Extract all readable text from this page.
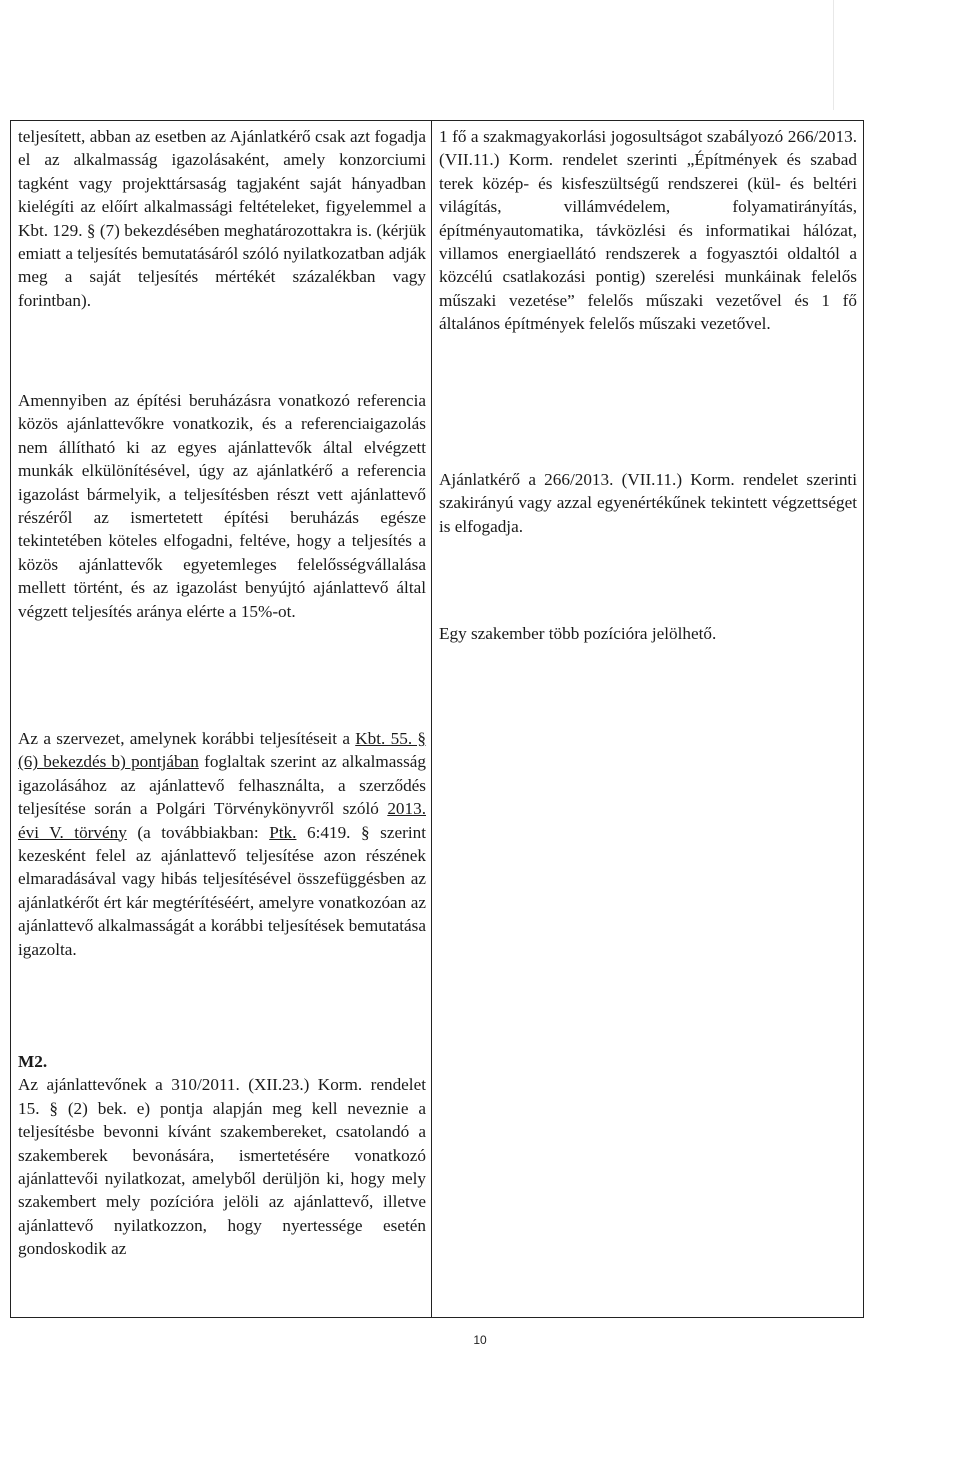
teljesített, abban az esetben az Ajánlatkérő csak azt fogadja el az alkalmasság igazolásaként, amely konzorciumi tagként vagy projekttársaság tagjaként saját hányadban kielégíti az előírt alkalmassági feltételeket, figyelemmel a Kbt. 129. § (7) bekezdésében meghatározottakra is. (kérjük emiatt a teljesítés bemutatásáról szóló nyilatkozatban adják meg a saját teljesítés mértékét százalékban vagy forintban).

Amennyiben az építési beruházásra vonatkozó referencia közös ajánlattevőkre vonatkozik, és a referenciaigazolás nem állítható ki az egyes ajánlattevők által elvégzett munkák elkülönítésével, úgy az ajánlatkérő a referencia igazolást bármelyik, a teljesítésben részt vett ajánlattevő részéről az ismertetett építési beruházás egésze tekintetében köteles elfogadni, feltéve, hogy a teljesítés a közös ajánlattevők egyetemleges felelősségvállalása mellett történt, és az igazolást benyújtó ajánlattevő által végzett teljesítés aránya elérte a 15%-ot.

Az a szervezet, amelynek korábbi teljesítéseit a Kbt. 55. § (6) bekezdés b) pontjában foglaltak szerint az alkalmasság igazolásához az ajánlattevő felhasználta, a szerződés teljesítése során a Polgári Törvénykönyvről szóló 2013. évi V. törvény (a továbbiakban: Ptk. 6:419. § szerint kezesként felel az ajánlattevő teljesítése azon részének elmaradásával vagy hibás teljesítésével összefüggésben az ajánlatkérőt ért kár megtérítéséért, amelyre vonatkozóan az ajánlattevő alkalmasságát a korábbi teljesítések bemutatása igazolta.

M2.

Az ajánlattevőnek a 310/2011. (XII.23.) Korm. rendelet 15. § (2) bek. e) pontja alapján meg kell neveznie a teljesítésbe bevonni kívánt szakembereket, csatolandó a szakemberek bevonására, ismertetésére vonatkozó ajánlattevői nyilatkozat, amelyből derüljön ki, hogy mely szakembert mely pozícióra jelöli az ajánlattevő, illetve ajánlattevő nyilatkozzon, hogy nyertessége esetén gondoskodik az

1 fő a szakmagyakorlási jogosultságot szabályozó 266/2013. (VII.11.) Korm. rendelet szerinti „Építmények és szabad terek közép- és kisfeszültségű rendszerei (kül- és beltéri világítás, villámvédelem, folyamatirányítás, építményautomatika, távközlési és informatikai hálózat, villamos energiaellátó rendszerek a fogyasztói oldaltól a közcélú csatlakozási pontig) szerelési munkáinak felelős műszaki vezetése” felelős műszaki vezetővel és 1 fő általános építmények felelős műszaki vezetővel.

Ajánlatkérő a 266/2013. (VII.11.) Korm. rendelet szerinti szakirányú vagy azzal egyenértékűnek tekintett végzettséget is elfogadja.

Egy szakember több pozícióra jelölhető.

10
